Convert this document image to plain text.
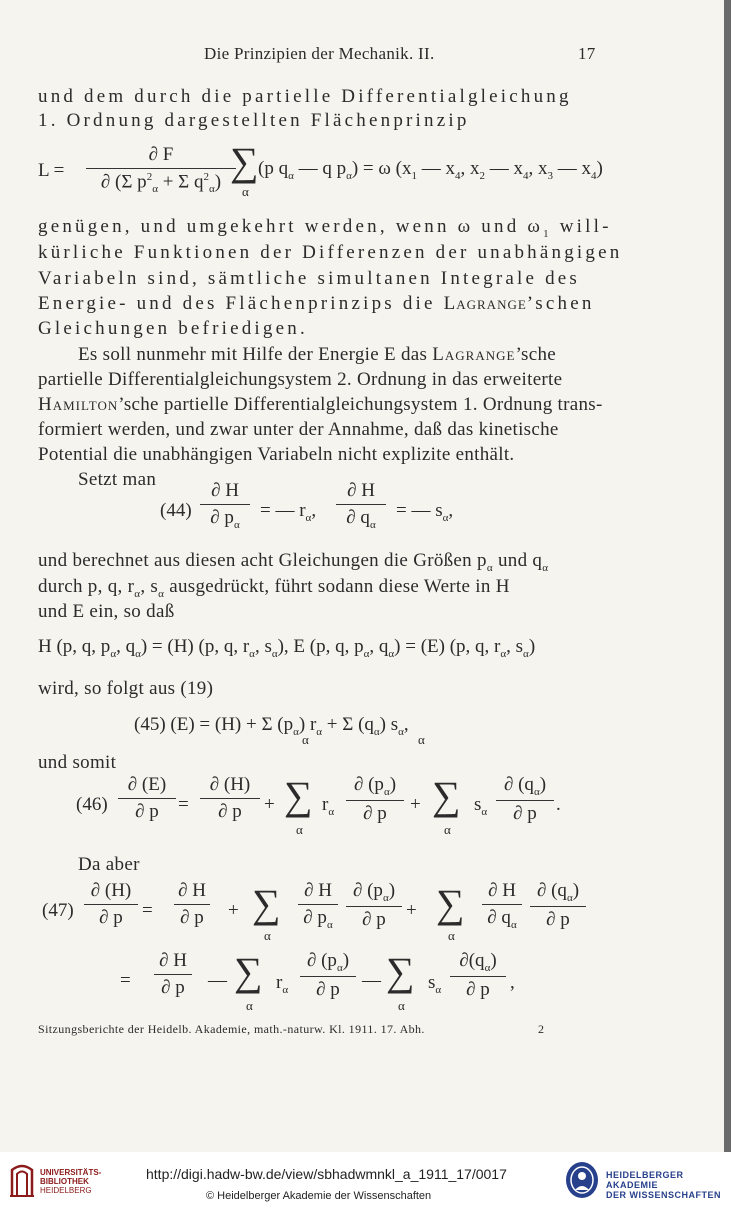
Die Prinzipien der Mechanik. II.	17
und dem durch die partielle Differentialgleichung
1. Ordnung dargestellten Flächenprinzip
$L = \frac{\partial F}{\partial (\Sigma p^2_\alpha + \Sigma q^2_\alpha)}$
∑
α
(p $q_\alpha$ — q $p_\alpha) = \omega$ ($x_1$ — $x_4$, $x_2$ — $x_4$, $x_3$ — $x_4$)
genügen, und umgekehrt werden, wenn ω und $\omega_1$ will-
kürliche Funktionen der Differenzen der unabhängigen
Variabeln sind, sämtliche simultanen Integrale des
Energie- und des Flächenprinzips die Lagrange’schen
Gleichungen befriedigen.
Es soll nunmehr mit Hilfe der Energie E das Lagrange’sche
partielle Differentialgleichungsystem 2. Ordnung in das erweiterte
Hamilton’sche partielle Differentialgleichungsystem 1. Ordnung trans-
formiert werden, und zwar unter der Annahme, daß das kinetische
Potential die unabhängigen Variabeln nicht explizite enthält.
Setzt man
$(44) \frac{\partial H}{\partial p_\alpha}$ = — $r_\alpha$, $\frac{\partial H}{\partial q_\alpha}$ = — $s_\alpha$,
und berechnet aus diesen acht Gleichungen die Größen $p_\alpha$ und $q_\alpha$
durch p, q, $r_\alpha$, $s_\alpha$ ausgedrückt, führt sodann diese Werte in H
und E ein, so daß
H (p, q, $p_\alpha$, $q_\alpha) = (H)$ (p, q, $r_\alpha$, $s_\alpha$), E (p, q, $p_\alpha$, $q_\alpha) = (E)$ (p, q, $r_\alpha$, $s_\alpha$)
wird, so folgt aus (19)
(45) (E) = (H) + Σ $(p_\alpha) r_\alpha + \Sigma$ $(q_\alpha)$ $s_\alpha$,
α	α
und somit
$(46) \frac{\partial (E)}{\partial p} = \frac{\partial (H)}{\partial p}$ + ∑
α
$r_\alpha \frac{\partial (p_\alpha)}{\partial p}$ + ∑
α
$s_\alpha \frac{\partial (q_\alpha)}{\partial p}$ .
Da aber
$(47) \frac{\partial (H)}{\partial p} = \frac{\partial H}{\partial p}$ + ∑
α
$\frac{\partial H}{\partial p_\alpha} \frac{\partial (p_\alpha)}{\partial p}$ + ∑
α
$\frac{\partial H}{\partial q_\alpha} \frac{\partial (q_\alpha)}{\partial p}$
= $\frac{\partial H}{\partial p}$ — ∑
α
$r_\alpha \frac{\partial (p_\alpha)}{\partial p}$ — ∑
α
$s_\alpha \frac{\partial(q_\alpha)}{\partial p}$ ,
Sitzungsberichte der Heidelb. Akademie, math.-naturw. Kl. 1911. 17. Abh.	2
UNIVERSITÄTS-
BIBLIOTHEK
HEIDELBERG
http://digi.hadw-bw.de/view/sbhadwmnkl_a_1911_17/0017
© Heidelberger Akademie der Wissenschaften
HEIDELBERGER AKADEMIE
DER WISSENSCHAFTEN
